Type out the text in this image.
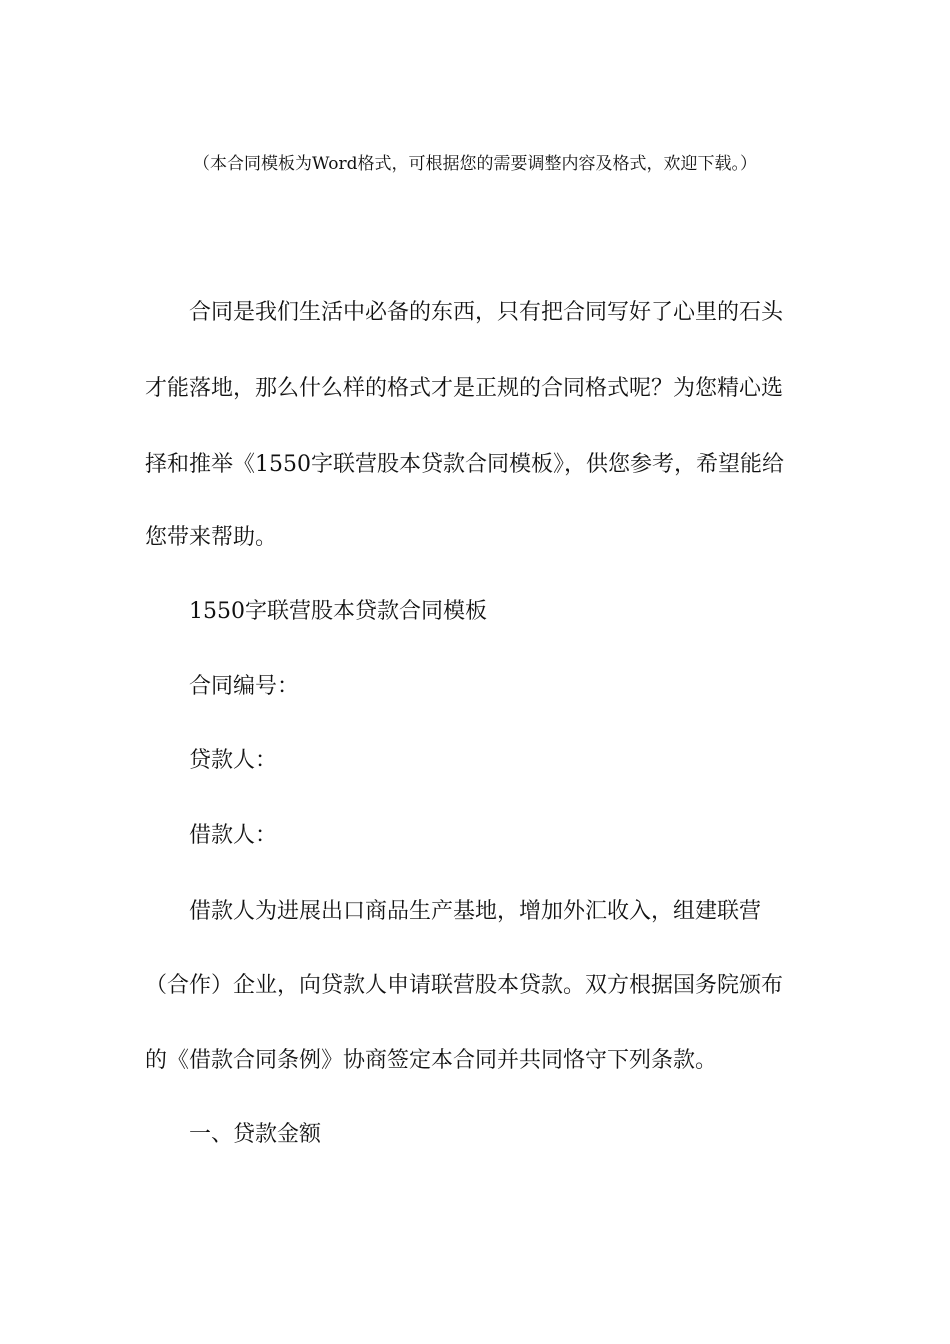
（本合同模板为Word格式，可根据您的需要调整内容及格式，欢迎下载。）
合同是我们生活中必备的东西，只有把合同写好了心里的石头
才能落地，那么什么样的格式才是正规的合同格式呢？为您精心选
择和推举《1550字联营股本贷款合同模板》，供您参考，希望能给
您带来帮助。
1550字联营股本贷款合同模板
合同编号：
贷款人：
借款人：
借款人为进展出口商品生产基地，增加外汇收入，组建联营
（合作）企业，向贷款人申请联营股本贷款。双方根据国务院颁布
的《借款合同条例》协商签定本合同并共同恪守下列条款。
一、贷款金额
